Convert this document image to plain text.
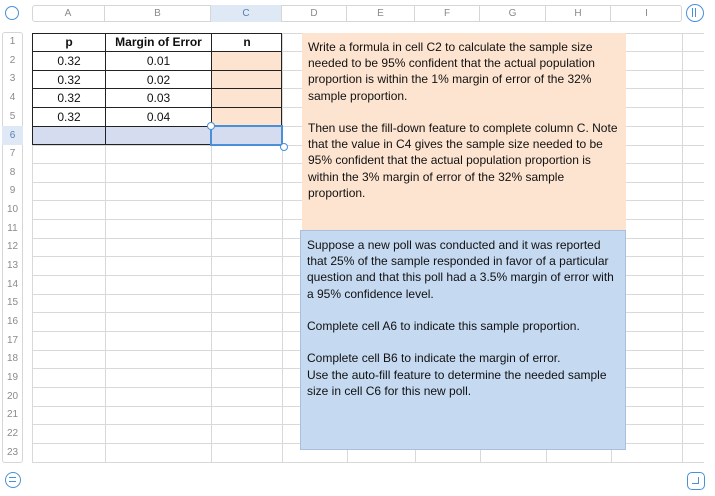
A	B	C	D	E	F	G	H	I
1
2
3
4
5
6
7
8
9
10
11
12
13
14
15
16
17
18
19
20
21
22
23
p	Margin of Error	n
0.32	0.01
0.32	0.02
0.32	0.03
0.32	0.04
Write a formula in cell C2 to calculate the sample size needed to be 95% confident that the actual population proportion is within the 1% margin of error of the 32% sample proportion.

Then use the fill-down feature to complete column C. Note that the value in C4 gives the sample size needed to be 95% confident that the actual population proportion is within the 3% margin of error of the 32% sample proportion.
Suppose a new poll was conducted and it was reported that 25% of the sample responded in favor of a particular question and that this poll had a 3.5% margin of error with a 95% confidence level.

Complete cell A6 to indicate this sample proportion.

Complete cell B6 to indicate the margin of error.
Use the auto-fill feature to determine the needed sample size in cell C6 for this new poll.
